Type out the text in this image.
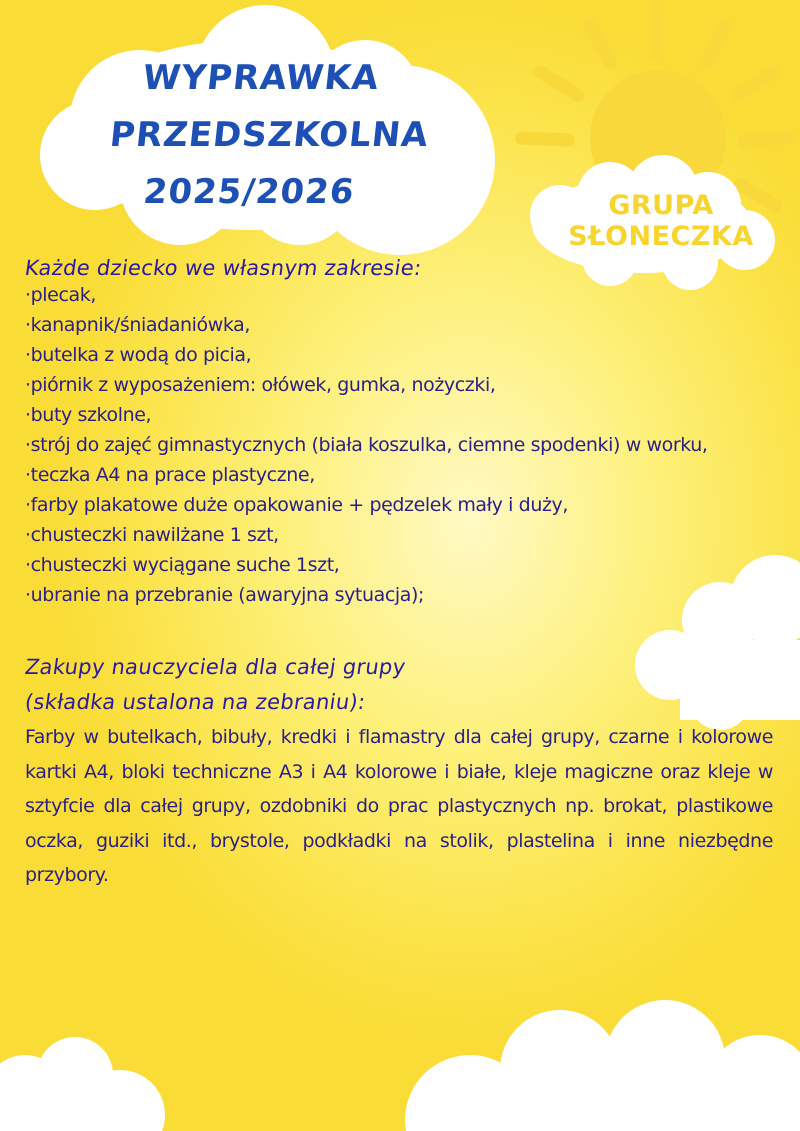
WYPRAWKA
PRZEDSZKOLNA
2025/2026	GRUPA
SŁONECZKA
Każde dziecko we własnym zakresie:
·plecak,
·kanapnik/śniadaniówka,
·butelka z wodą do picia,
·piórnik z wyposażeniem: ołówek, gumka, nożyczki,
·buty szkolne,
·strój do zajęć gimnastycznych (biała koszulka, ciemne spodenki) w worku,
·teczka A4 na prace plastyczne,
·farby plakatowe duże opakowanie + pędzelek mały i duży,
·chusteczki nawilżane 1 szt,
·chusteczki wyciągane suche 1szt,
·ubranie na przebranie (awaryjna sytuacja);
Zakupy nauczyciela dla całej grupy
(składka ustalona na zebraniu):

Farby w butelkach, bibuły, kredki i flamastry dla całej grupy, czarne i kolorowe kartki A4, bloki techniczne A3 i A4 kolorowe i białe, kleje magiczne oraz kleje w sztyfcie dla całej grupy, ozdobniki do prac plastycznych np. brokat, plastikowe oczka, guziki itd., brystole, podkładki na stolik, plastelina i inne niezbędne przybory.
